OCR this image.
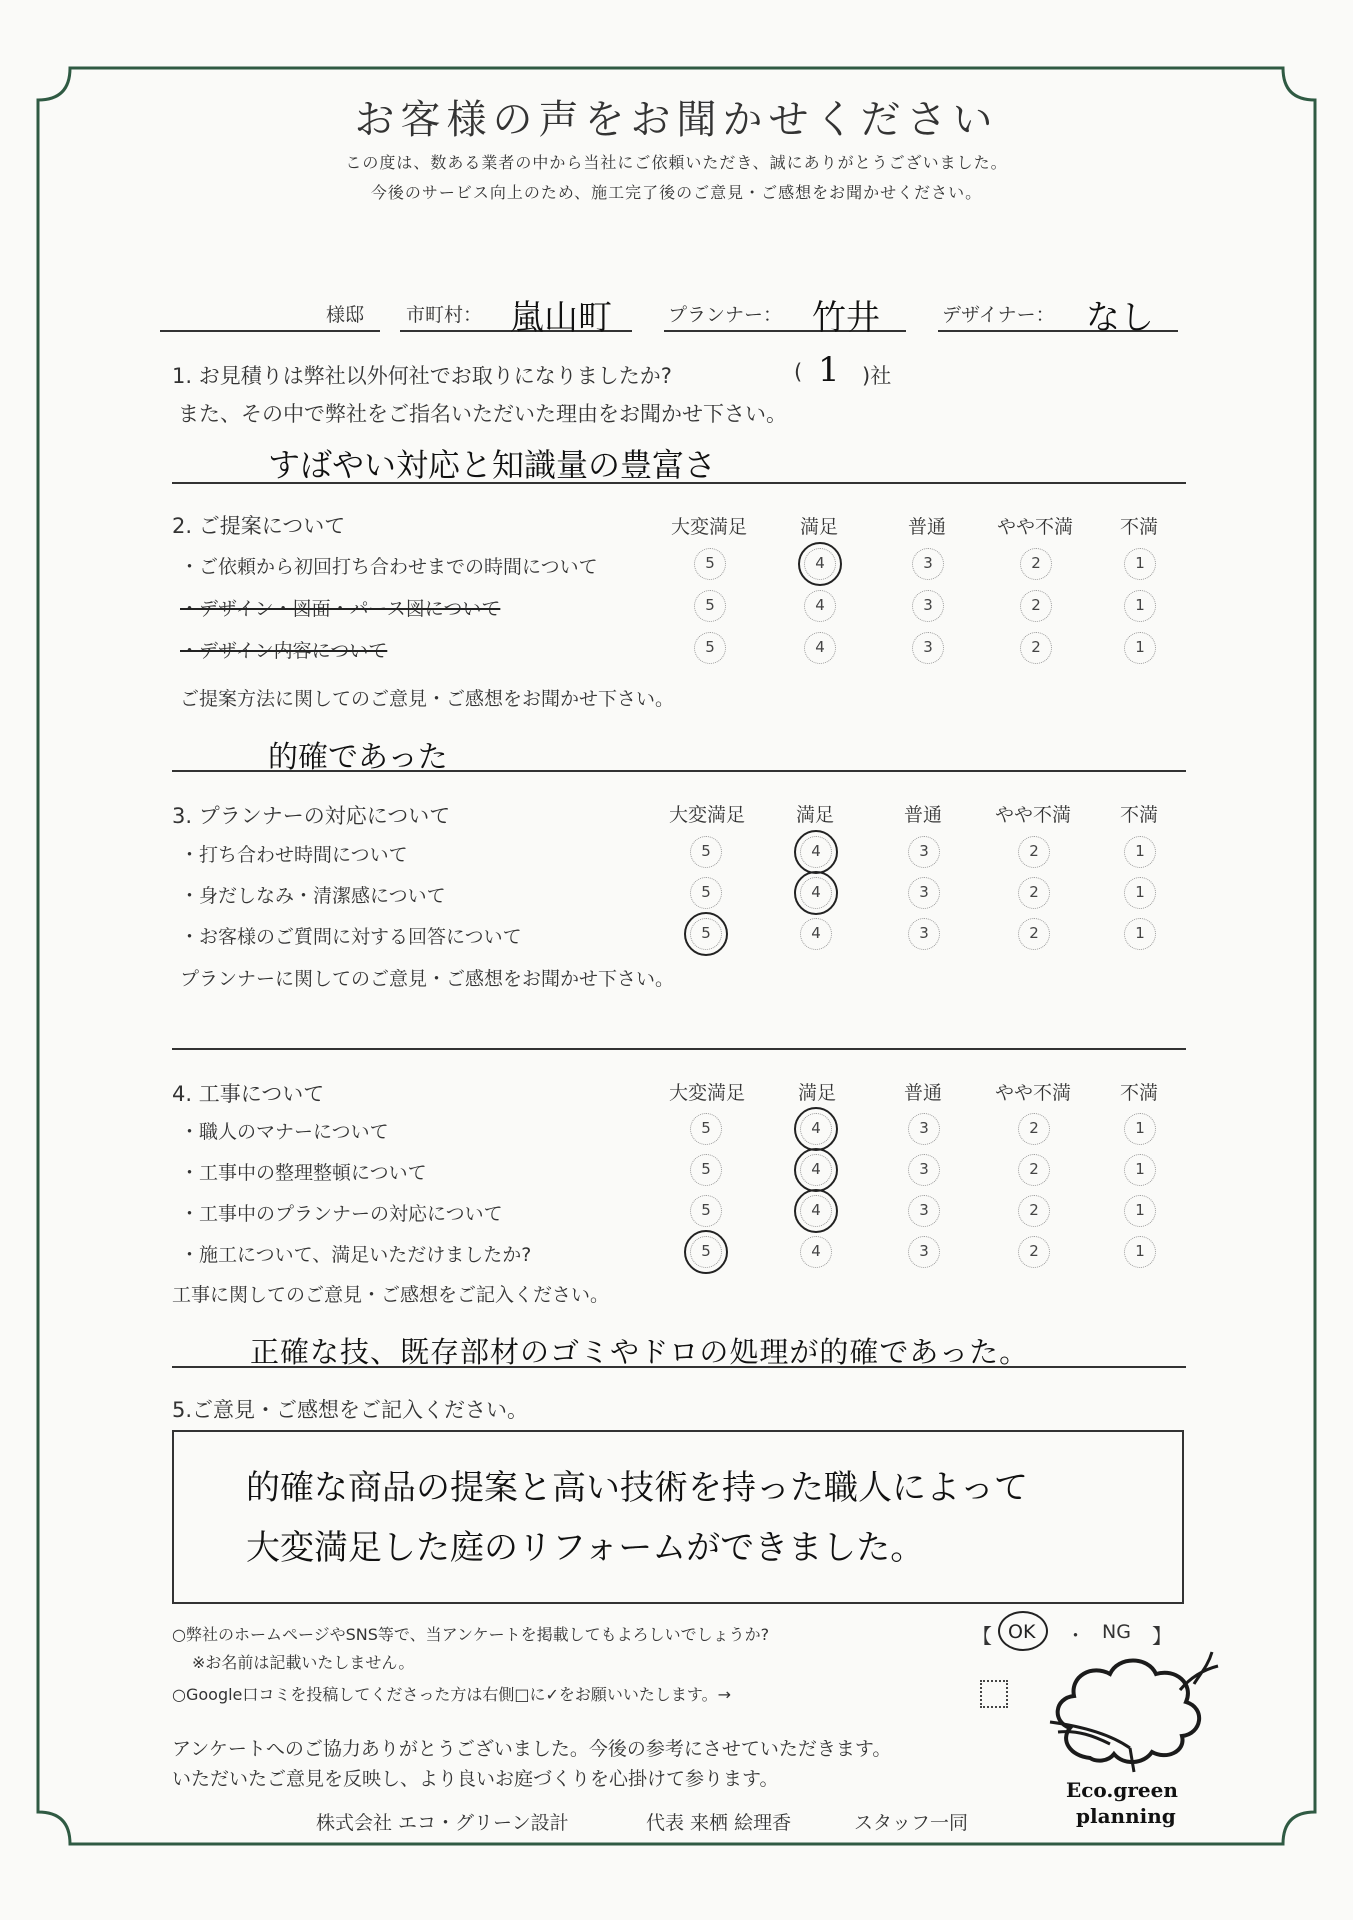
お客様の声をお聞かせください
この度は、数ある業者の中から当社にご依頼いただき、誠にありがとうございました。
今後のサービス向上のため、施工完了後のご意見・ご感想をお聞かせください。
様邸 市町村： 嵐山町	プランナー： 竹井	デザイナー： なし
1. お見積りは弊社以外何社でお取りになりましたか?	( 1 )社
また、その中で弊社をご指名いただいた理由をお聞かせ下さい。
すばやい対応と知識量の豊富さ
2. ご提案について	大変満足	満足	普通	やや不満	不満
・ご依頼から初回打ち合わせまでの時間について	5	4	3	2	1
・デザイン・図面・パース図について	5	4	3	2	1
・デザイン内容について	5	4	3	2	1
ご提案方法に関してのご意見・ご感想をお聞かせ下さい。
的確であった
3. プランナーの対応について	大変満足	満足	普通	やや不満	不満
・打ち合わせ時間について	5	4	3	2	1
・身だしなみ・清潔感について	5	4	3	2	1
・お客様のご質問に対する回答について	5	4	3	2	1
プランナーに関してのご意見・ご感想をお聞かせ下さい。
4. 工事について	大変満足	満足	普通	やや不満	不満
・職人のマナーについて	5	4	3	2	1
・工事中の整理整頓について	5	4	3	2	1
・工事中のプランナーの対応について	5	4	3	2	1
・施工について、満足いただけましたか?	5	4	3	2	1
工事に関してのご意見・ご感想をご記入ください。
正確な技、既存部材のゴミやドロの処理が的確であった。
5.ご意見・ご感想をご記入ください。
的確な商品の提案と高い技術を持った職人によって
大変満足した庭のリフォームができました。
○弊社のホームページやSNS等で、当アンケートを掲載してもよろしいでしょうか?
※お名前は記載いたしません。
【 OK ・ NG 】
○Google口コミを投稿してくださった方は右側□に✓をお願いいたします。→
アンケートへのご協力ありがとうございました。今後の参考にさせていただきます。
いただいたご意見を反映し、より良いお庭づくりを心掛けて参ります。
株式会社 エコ・グリーン設計	代表 来栖 絵理香	スタッフ一同
Eco.green
planning
